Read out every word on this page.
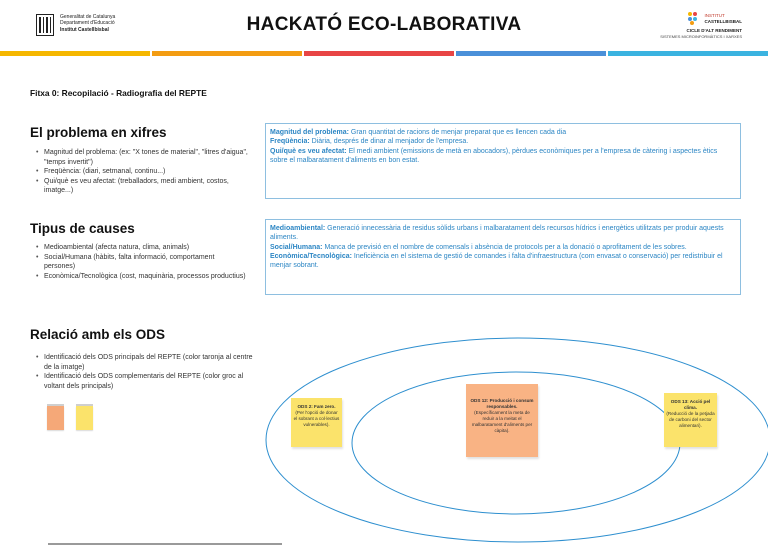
Generalitat de Catalunya
Departament d'Educació
Institut Castellbisbal	HACKATÓ ECO-LABORATIVA	INSTITUT
CASTELLBISBAL
CICLE D'ALT RENDIMENT
SISTEMES MICROINFORMÀTICS I XARXES
Fitxa 0: Recopilació - Radiografia del REPTE
El problema en xifres
• Magnitud del problema: (ex: "X tones de material", "litres d'aigua", "temps invertit")
• Freqüència: (diari, setmanal, continu...)
• Qui/què es veu afectat: (treballadors, medi ambient, costos, imatge...)
Magnitud del problema: Gran quantitat de racions de menjar preparat que es llencen cada dia
Freqüència: Diària, després de dinar al menjador de l'empresa.
Qui/què es veu afectat: El medi ambient (emissions de metà en abocadors), pèrdues econòmiques per a l'empresa de càtering i aspectes ètics sobre el malbaratament d'aliments en bon estat.
Tipus de causes
• Medioambiental (afecta natura, clima, animals)
• Social/Humana (hàbits, falta informació, comportament persones)
• Econòmica/Tecnològica (cost, maquinària, processos productius)
Medioambiental: Generació innecessària de residus sòlids urbans i malbaratament dels recursos hídrics i energètics utilitzats per produir aquests aliments.
Social/Humana: Manca de previsió en el nombre de comensals i absència de protocols per a la donació o aprofitament de les sobres.
Econòmica/Tecnològica: Ineficiència en el sistema de gestió de comandes i falta d'infraestructura (com envasat o conservació) per redistribuir el menjar sobrant.
Relació amb els ODS
• Identificació dels ODS principals del REPTE (color taronja al centre de la imatge)
• Identificació dels ODS complementaris del REPTE (color groc al voltant dels principals)
ODS 2: Fam zero.
(Per l'opció de donar el sobrant a col·lectius vulnerables).
ODS 12: Producció i consum responsables.
(Específicament la meta de reduir a la meitat el malbaratament d'aliments per càpita).
ODS 13: Acció pel clima.
(Reducció de la petjada de carboni del sector alimentari).
